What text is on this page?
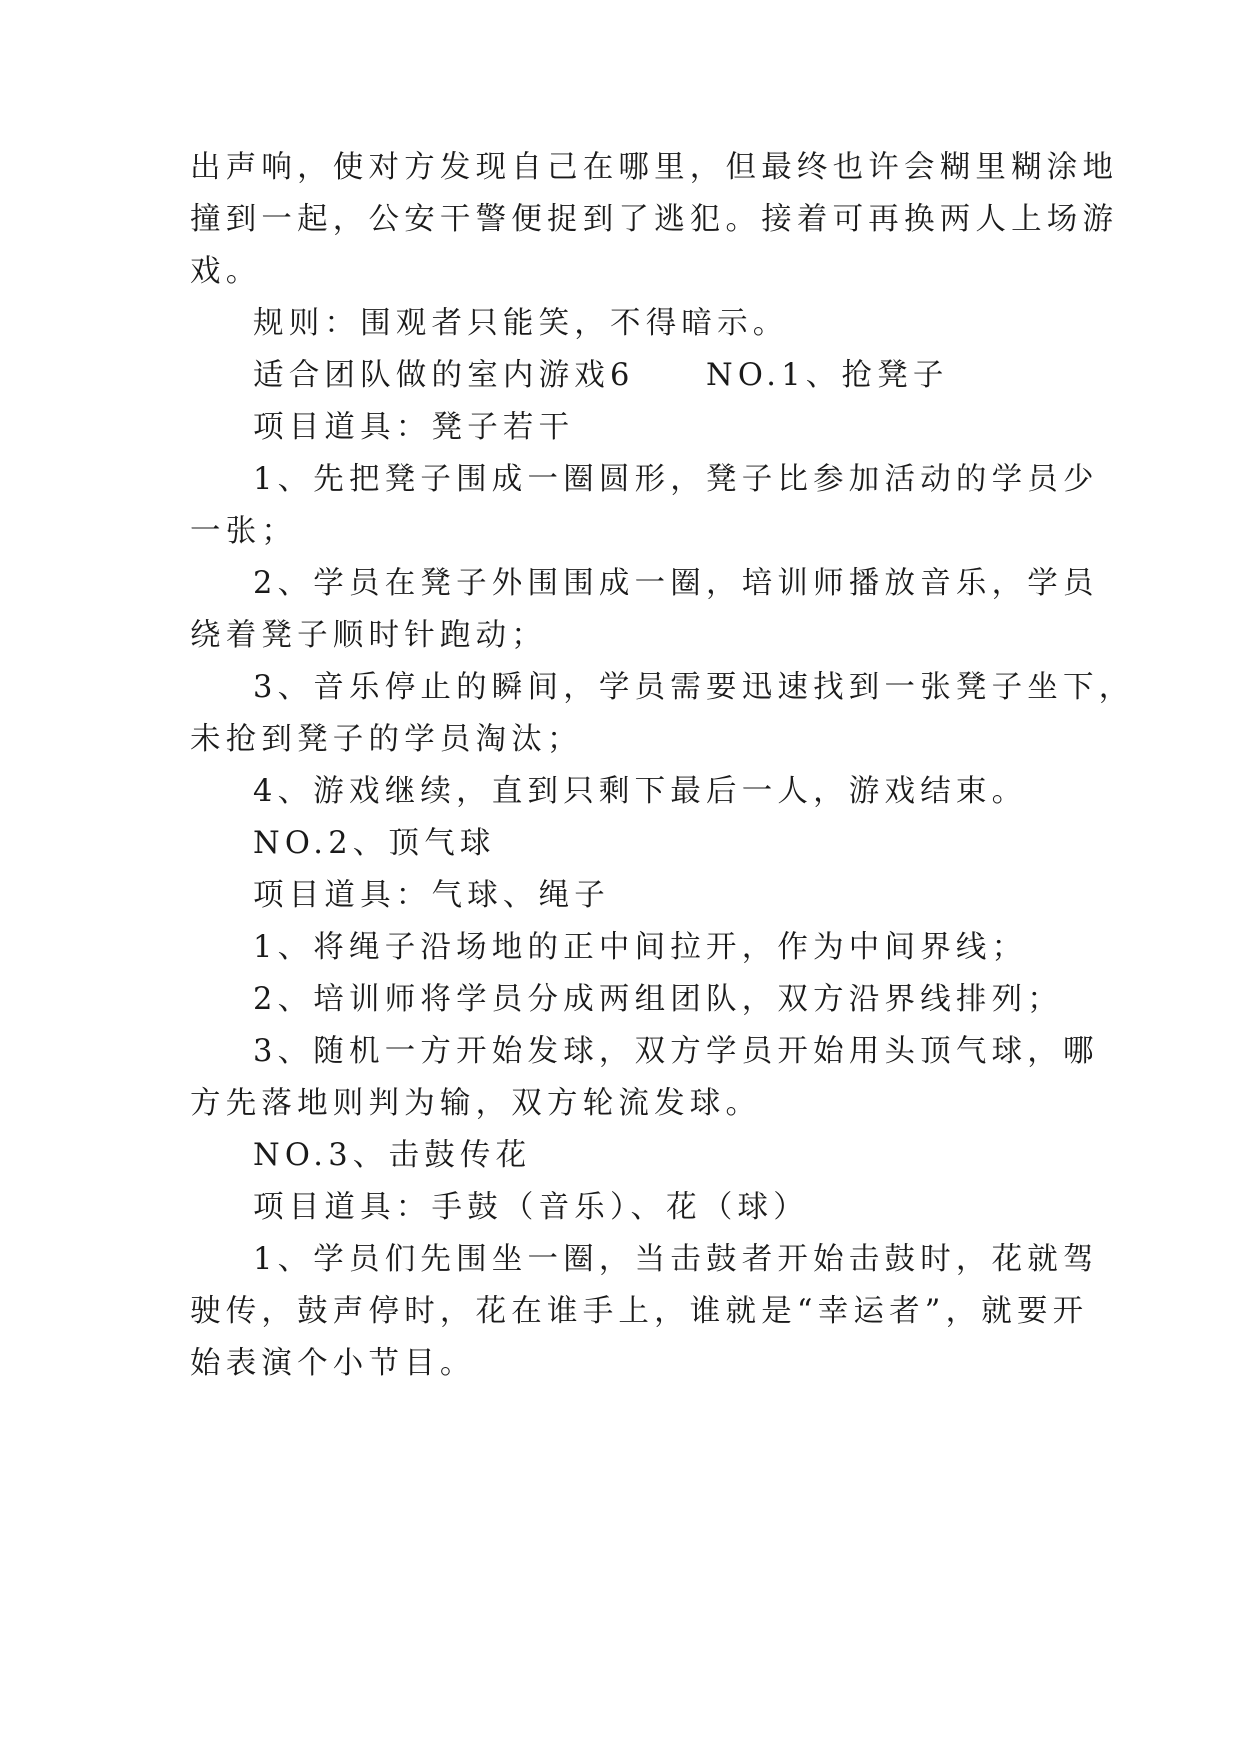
出声响，使对方发现自己在哪里，但最终也许会糊里糊涂地
撞到一起，公安干警便捉到了逃犯。接着可再换两人上场游
戏。
规则：围观者只能笑，不得暗示。
适合团队做的室内游戏6　　NO.1、抢凳子
项目道具：凳子若干
1、先把凳子围成一圈圆形，凳子比参加活动的学员少
一张；
2、学员在凳子外围围成一圈，培训师播放音乐，学员
绕着凳子顺时针跑动；
3、音乐停止的瞬间，学员需要迅速找到一张凳子坐下，
未抢到凳子的学员淘汰；
4、游戏继续，直到只剩下最后一人，游戏结束。
NO.2、顶气球
项目道具：气球、绳子
1、将绳子沿场地的正中间拉开，作为中间界线；
2、培训师将学员分成两组团队，双方沿界线排列；
3、随机一方开始发球，双方学员开始用头顶气球，哪
方先落地则判为输，双方轮流发球。
NO.3、击鼓传花
项目道具：手鼓（音乐）、花（球）
1、学员们先围坐一圈，当击鼓者开始击鼓时，花就驾
驶传，鼓声停时，花在谁手上，谁就是“幸运者”，就要开
始表演个小节目。
